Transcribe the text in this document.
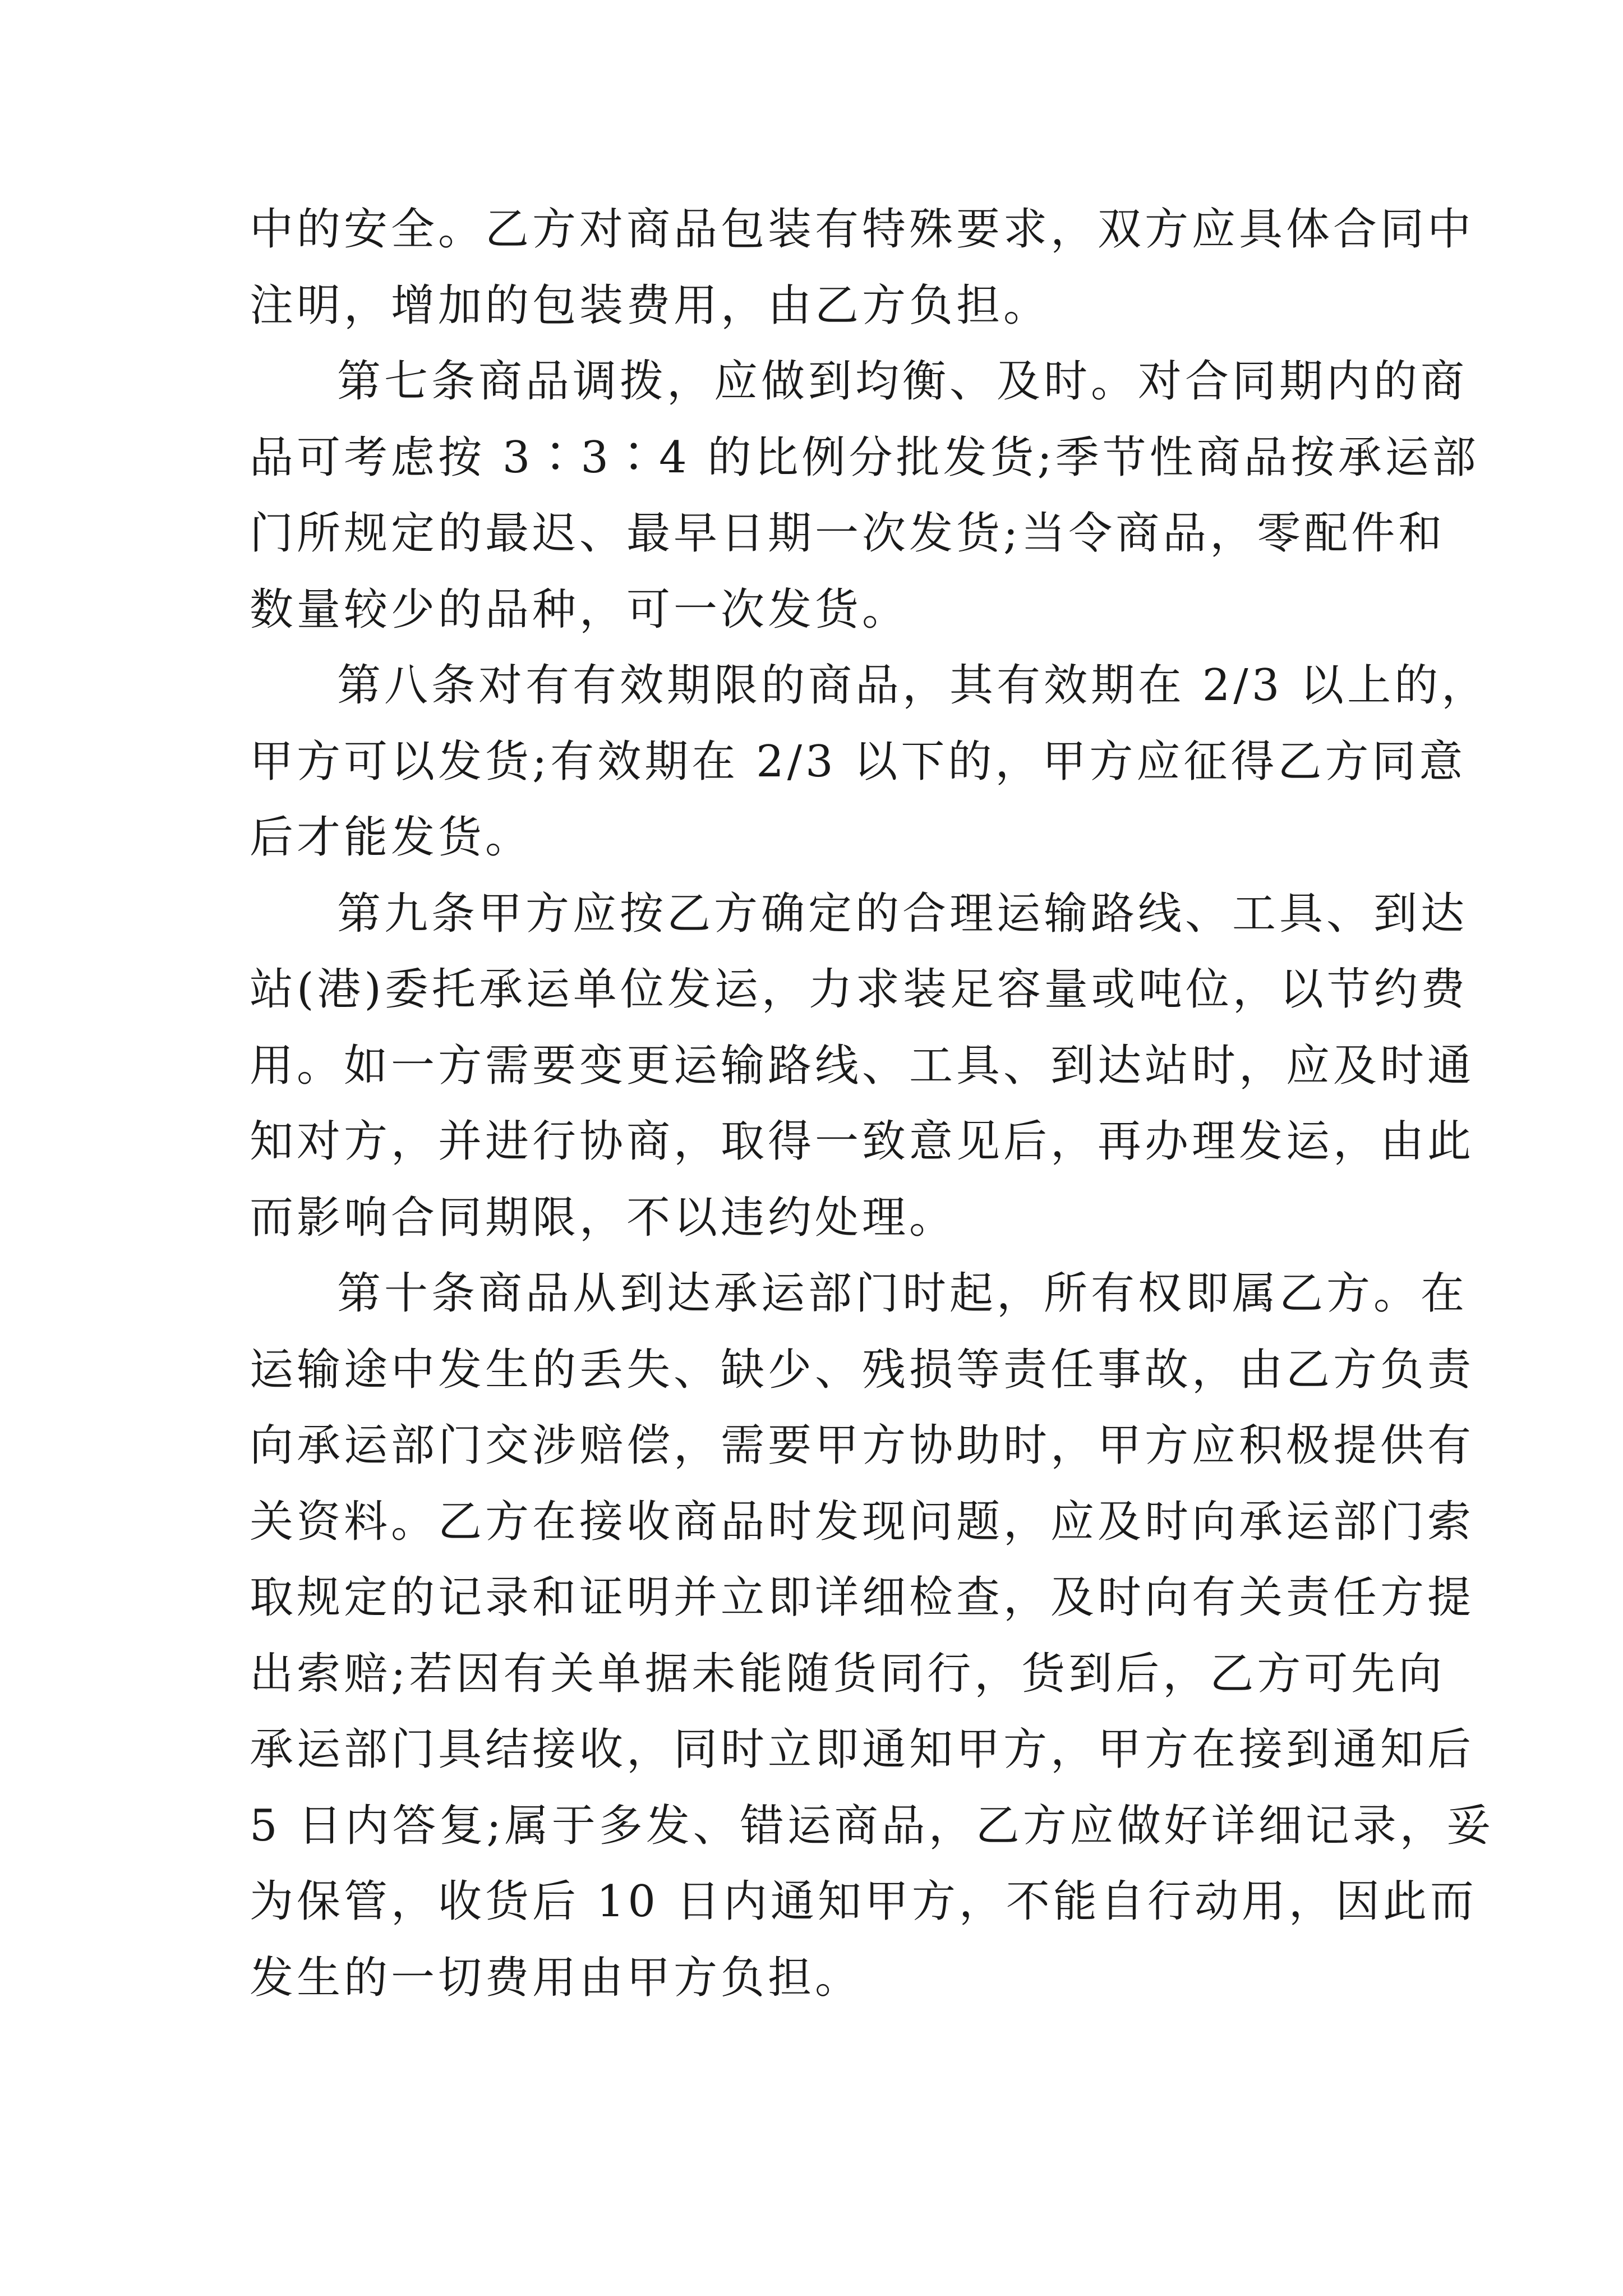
中的安全。乙方对商品包装有特殊要求，双方应具体合同中
注明，增加的包装费用，由乙方负担。
第七条商品调拨，应做到均衡、及时。对合同期内的商
品可考虑按 3∶3∶4 的比例分批发货;季节性商品按承运部
门所规定的最迟、最早日期一次发货;当令商品，零配件和
数量较少的品种，可一次发货。
第八条对有有效期限的商品，其有效期在 2/3 以上的，
甲方可以发货;有效期在 2/3 以下的，甲方应征得乙方同意
后才能发货。
第九条甲方应按乙方确定的合理运输路线、工具、到达
站(港)委托承运单位发运，力求装足容量或吨位，以节约费
用。如一方需要变更运输路线、工具、到达站时，应及时通
知对方，并进行协商，取得一致意见后，再办理发运，由此
而影响合同期限，不以违约处理。
第十条商品从到达承运部门时起，所有权即属乙方。在
运输途中发生的丢失、缺少、残损等责任事故，由乙方负责
向承运部门交涉赔偿，需要甲方协助时，甲方应积极提供有
关资料。乙方在接收商品时发现问题，应及时向承运部门索
取规定的记录和证明并立即详细检查，及时向有关责任方提
出索赔;若因有关单据未能随货同行，货到后，乙方可先向
承运部门具结接收，同时立即通知甲方，甲方在接到通知后
5 日内答复;属于多发、错运商品，乙方应做好详细记录，妥
为保管，收货后 10 日内通知甲方，不能自行动用，因此而
发生的一切费用由甲方负担。
